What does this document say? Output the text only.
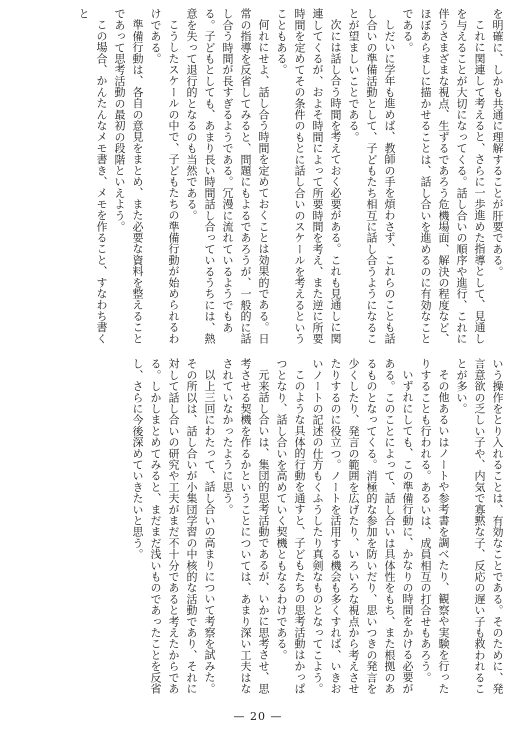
を明確に、しかも共通に理解することが肝要である。

これに関連して考えると、さらに一歩進めた指導として、見通しを与えることが大切になってくる。話し合いの順序や進行、これに伴うさまざまな視点、生ずるであろう危機場面、解決の程度など、ほぼあらましに描かせることは、話し合いを進めるのに有効なことである。

しだいに学年も進めば、教師の手を煩わさず、これらのことも話し合いの準備活動として、子どもたち相互に話し合うようになることが望ましいことである。

次には話し合う時間を考えておく必要がある。これも見通しに関連してくるが、およそ時間によって所要時間を考え、また逆に所要時間を定めてその条件のもとに話し合いのスケールを考えるということもある。

何れにせよ、話し合う時間を定めておくことは効果的である。日常の指導を反省してみると、問題にもよるであろうが、一般的に話し合う時間が長すぎるようである。冗漫に流れているようでもある。子どもとしても、あまり長い時間話し合っているうちには、熱意を失って退行的となるのも当然である。

こうしたスケールの中で、子どもたちの準備行動が始められるわけである。

準備行動は、各自の意見をまとめ、また必要な資料を整えることであって思考活動の最初の段階といえよう。

この場合、かんたんなメモ書き、メモを作ること、すなわち書くと

いう操作をとり入れることは、有効なことである。そのために、発言意欲の乏しい子や、内気で寡黙な子、反応の遅い子も救われることが多い。

その他あるいはノートや参考書を調べたり、観察や実験を行ったりすることも行われる。あるいは、成員相互の打合せもあろう。

いずれにしても、この準備行動に、かなりの時間をかける必要がある。このことによって、話し合いは具体性をもち、また根拠のあるものとなってくる。消極的な参加を防いだり、思いつきの発言を少くしたり、発言の範囲を広げたり、いろいろな視点から考えさせたりするのに役立つ。ノートを活用する機会も多くすれば、いきおいノートの記述の仕方もくふうしたり真剣なものとなってこよう。

このような具体的行動を通すと、子どもたちの思考活動はかっぱつとなり、話し合いを高めていく契機ともなるわけである。

元来話し合いは、集団的思考活動であるが、いかに思考させ、思考させる契機を作るかということについては、あまり深い工夫はなされていなかったように思う。

以上三回にわたって、話し合いの高まりについて考察を試みた。その所以は、話し合いが小集団学習の中核的な活動であり、それに対して話し合いの研究や工夫がまだ不十分であると考えたからである。しかしまとめてみると、まだまだ浅いものであったことを反省し、さらに今後深めていきたいと思う。

— 20 —
